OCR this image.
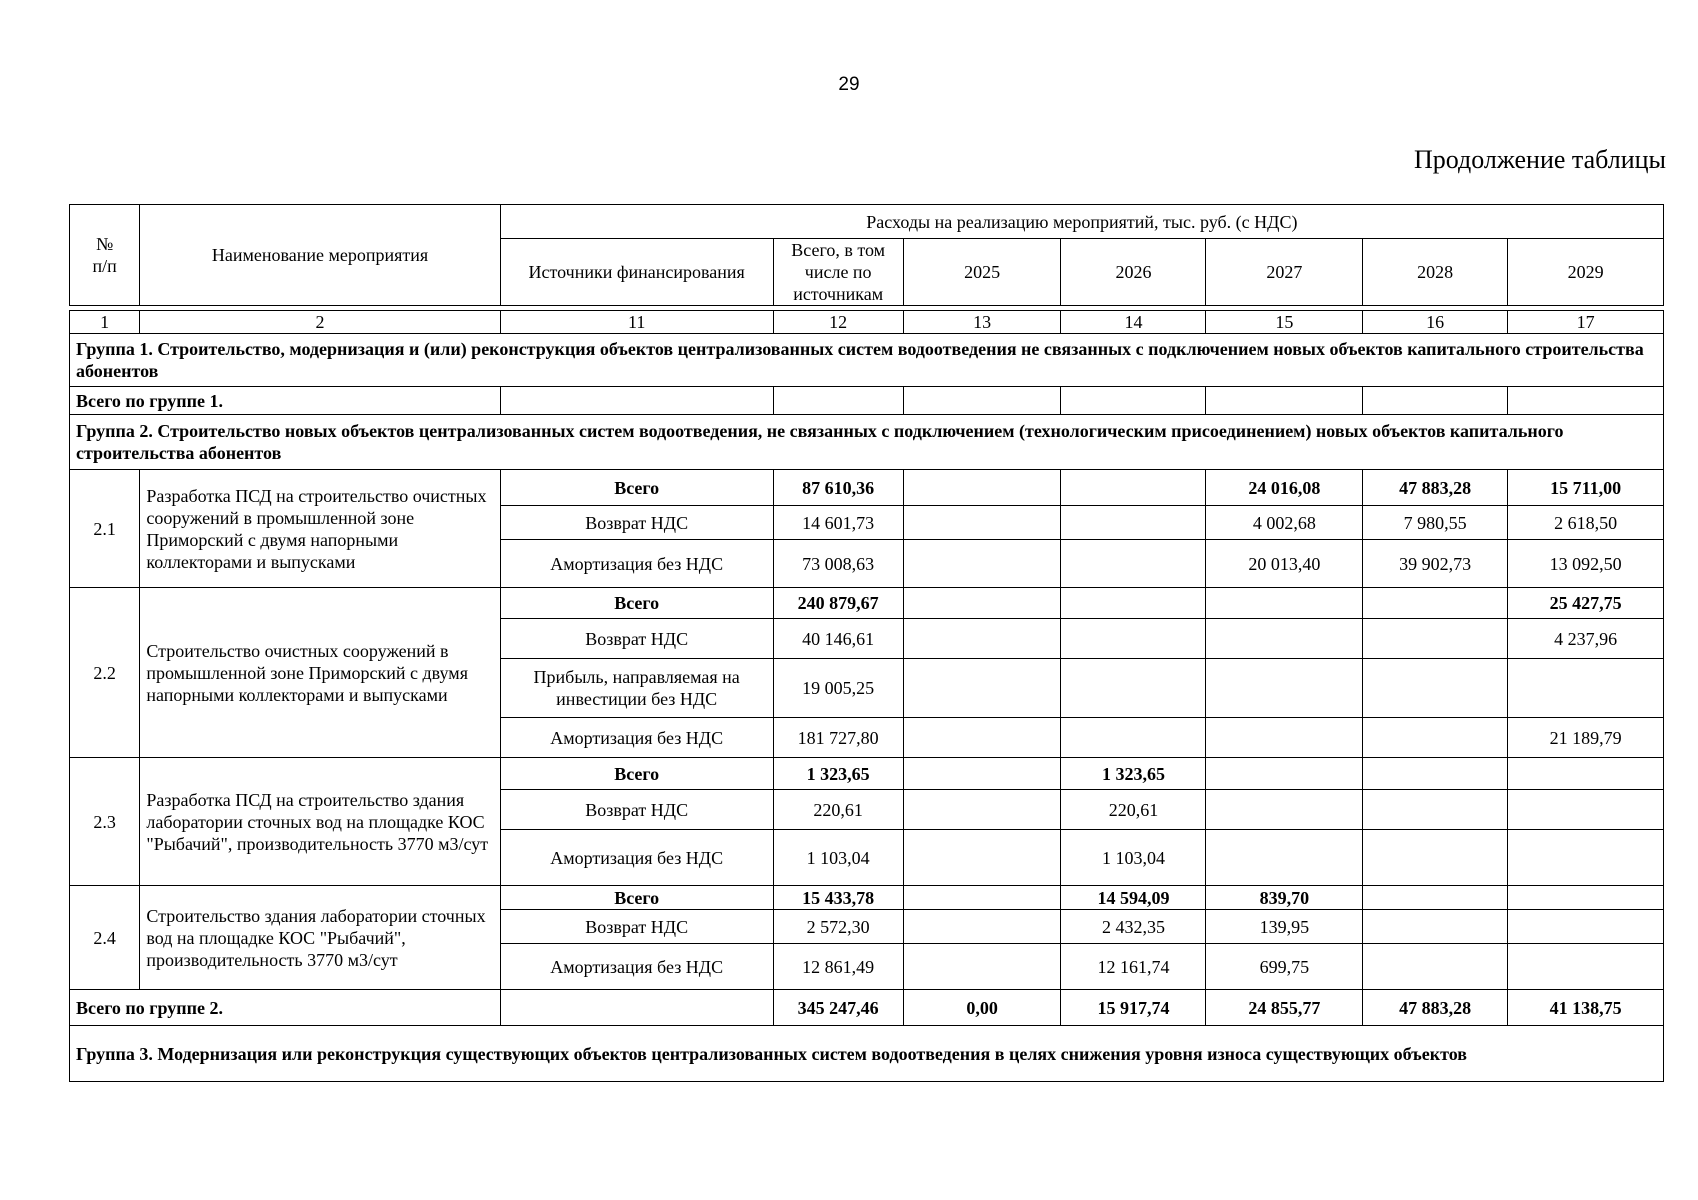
29
Продолжение таблицы
№
п/п	Наименование мероприятия	Расходы на реализацию мероприятий, тыс. руб. (с НДС)						
		Источники финансирования	Всего, в том числе по источникам	2025	2026	2027	2028	2029

1	2	11	12	13	14	15	16	17
Группа 1. Строительство, модернизация и (или) реконструкция объектов централизованных систем водоотведения не связанных с подключением новых объектов капитального строительства абонентов								
Всего по группе 1.								
Группа 2. Строительство новых объектов централизованных систем водоотведения, не связанных с подключением (технологическим присоединением) новых объектов капитального строительства абонентов								
2.1	Разработка ПСД на строительство очистных сооружений в промышленной зоне Приморский с двумя напорными коллекторами и выпусками	Всего	87 610,36			24 016,08	47 883,28	15 711,00
		Возврат НДС	14 601,73			4 002,68	7 980,55	2 618,50
		Амортизация без НДС	73 008,63			20 013,40	39 902,73	13 092,50
2.2	Строительство очистных сооружений в промышленной зоне Приморский с двумя напорными коллекторами и выпусками	Всего	240 879,67					25 427,75
		Возврат НДС	40 146,61					4 237,96
		Прибыль, направляемая на инвестиции без НДС	19 005,25					
		Амортизация без НДС	181 727,80					21 189,79
2.3	Разработка ПСД на строительство здания лаборатории сточных вод на площадке КОС "Рыбачий", производительность 3770 м3/сут	Всего	1 323,65		1 323,65			
		Возврат НДС	220,61		220,61			
		Амортизация без НДС	1 103,04		1 103,04			
2.4	Строительство здания лаборатории сточных вод на площадке КОС "Рыбачий", производительность 3770 м3/сут	Всего	15 433,78		14 594,09	839,70		
		Возврат НДС	2 572,30		2 432,35	139,95		
		Амортизация без НДС	12 861,49		12 161,74	699,75		
Всего по группе 2.			345 247,46	0,00	15 917,74	24 855,77	47 883,28	41 138,75
Группа 3. Модернизация или реконструкция существующих объектов централизованных систем водоотведения в целях снижения уровня износа существующих объектов								
